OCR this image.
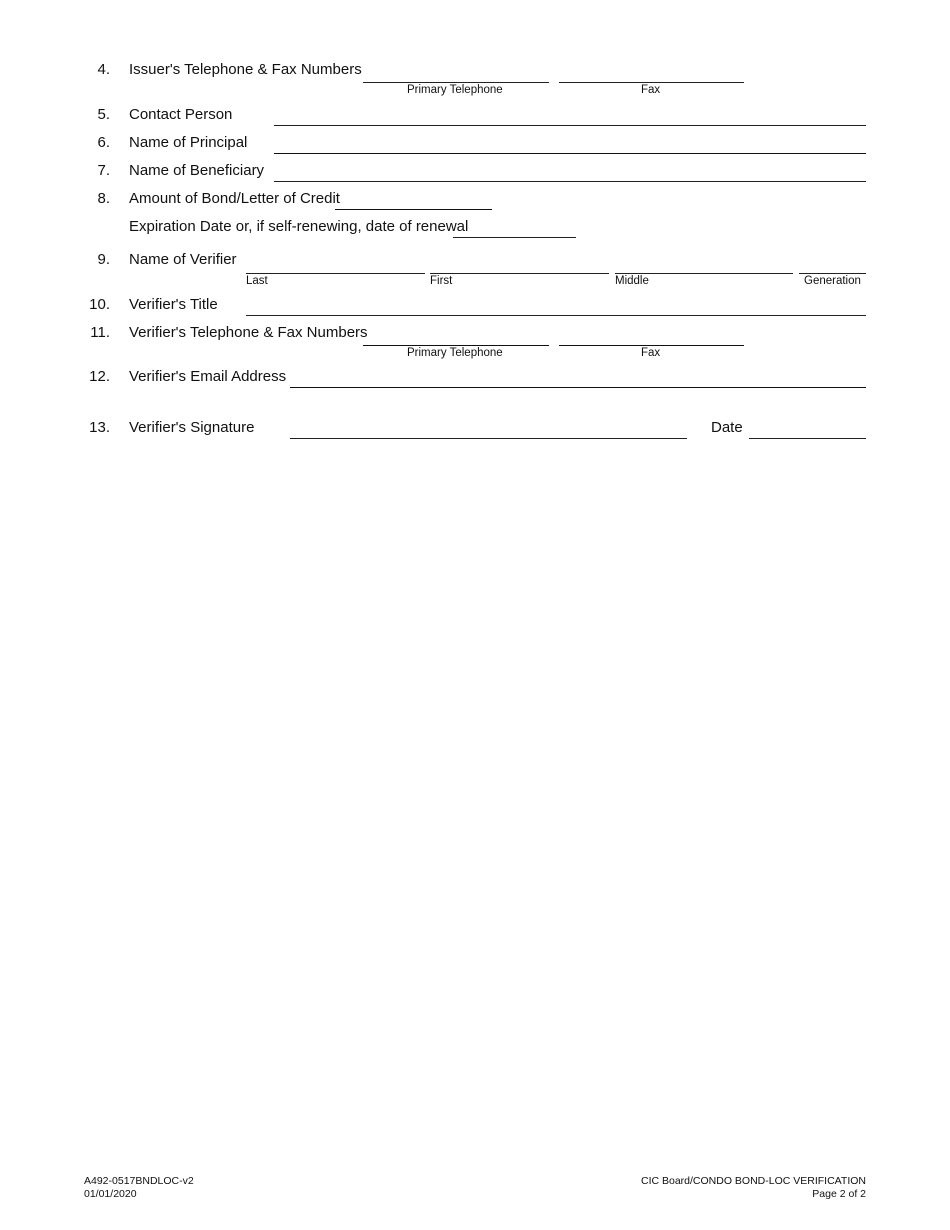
4. Issuer's Telephone & Fax Numbers
Primary Telephone	Fax
5. Contact Person
6. Name of Principal
7. Name of Beneficiary
8. Amount of Bond/Letter of Credit
Expiration Date or, if self-renewing, date of renewal
9. Name of Verifier
Last	First	Middle	Generation
10. Verifier's Title
11. Verifier's Telephone & Fax Numbers
Primary Telephone	Fax
12. Verifier's Email Address
13. Verifier's Signature	Date
A492-0517BNDLOC-v2
01/01/2020
CIC Board/CONDO BOND-LOC VERIFICATION
Page 2 of 2
